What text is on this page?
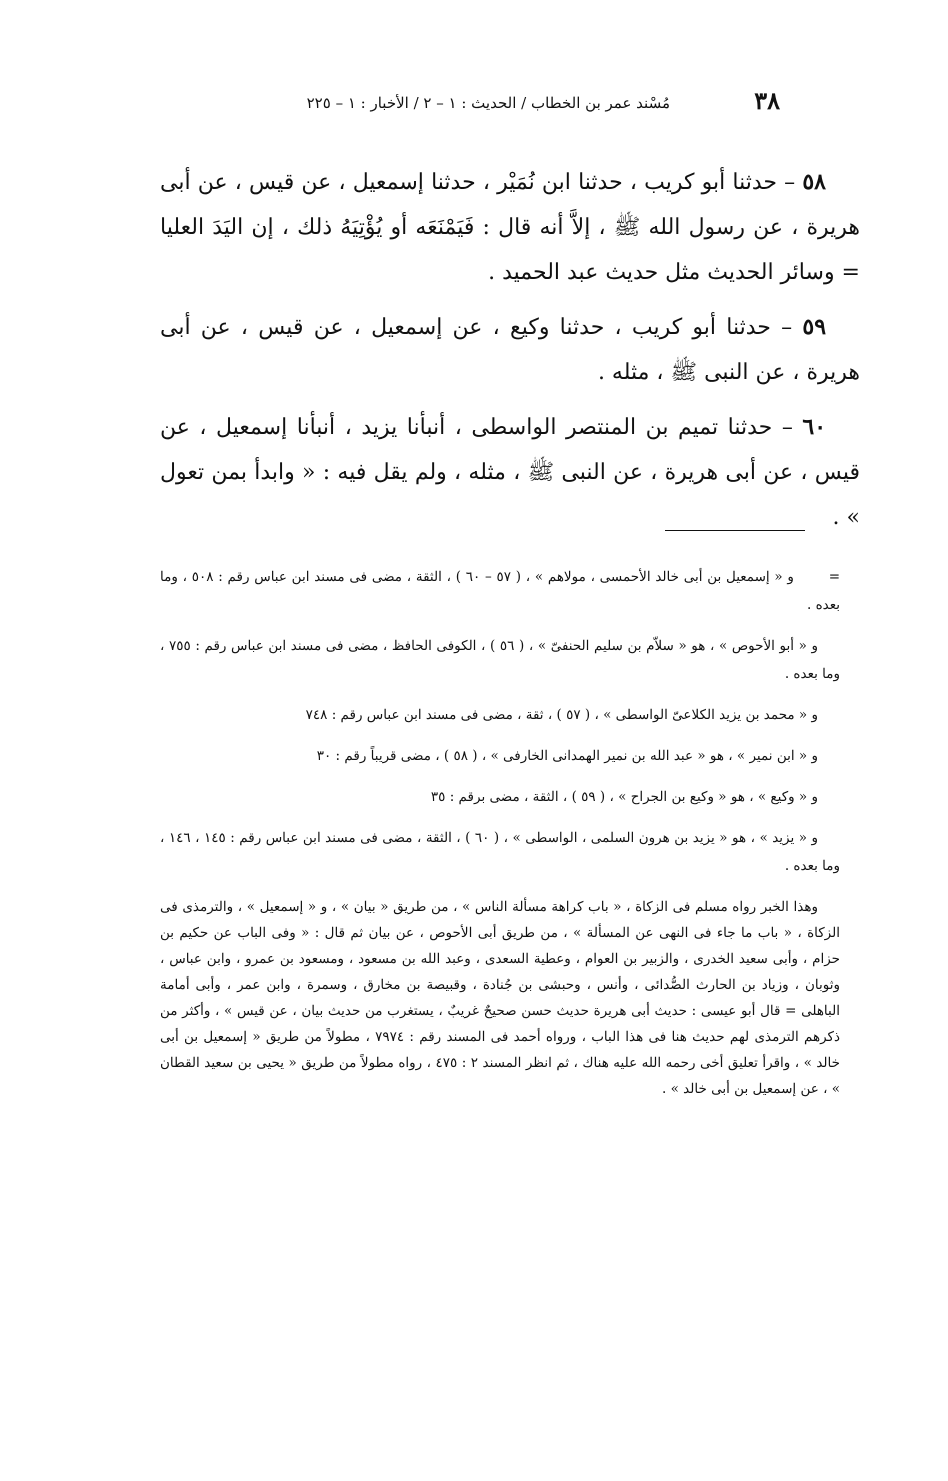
٣٨
مُسْند عمر بن الخطاب / الحديث : ١ – ٢ / الأخبار : ١ – ٢٢٥

٥٨ – حدثنا أبو كريب ، حدثنا ابن نُمَيْر ، حدثنا إسمعيل ، عن قيس ، عن أبى هريرة ، عن رسول الله ﷺ ، إلاَّ أنه قال : فَيَمْنَعَه أو يُؤْتِيَهُ ذلك ، إن اليَدَ العليا = وسائر الحديث مثل حديث عبد الحميد .

٥٩ – حدثنا أبو كريب ، حدثنا وكيع ، عن إسمعيل ، عن قيس ، عن أبى هريرة ، عن النبى ﷺ ، مثله .

٦٠ – حدثنا تميم بن المنتصر الواسطى ، أنبأنا يزيد ، أنبأنا إسمعيل ، عن قيس ، عن أبى هريرة ، عن النبى ﷺ ، مثله ، ولم يقل فيه : « وابدأ بمن تعول » .

= و « إسمعيل بن أبى خالد الأحمسى ، مولاهم » ، ( ٥٧ – ٦٠ ) ، الثقة ، مضى فى مسند ابن عباس رقم : ٥٠٨ ، وما بعده .

و « أبو الأحوص » ، هو « سلاّم بن سليم الحنفىّ » ، ( ٥٦ ) ، الكوفى الحافظ ، مضى فى مسند ابن عباس رقم : ٧٥٥ ، وما بعده .

و « محمد بن يزيد الكلاعىّ الواسطى » ، ( ٥٧ ) ، ثقة ، مضى فى مسند ابن عباس رقم : ٧٤٨

و « ابن نمير » ، هو « عبد الله بن نمير الهمدانى الخارفى » ، ( ٥٨ ) ، مضى قريباً رقم : ٣٠

و « وكيع » ، هو « وكيع بن الجراح » ، ( ٥٩ ) ، الثقة ، مضى برقم : ٣٥

و « يزيد » ، هو « يزيد بن هرون السلمى ، الواسطى » ، ( ٦٠ ) ، الثقة ، مضى فى مسند ابن عباس رقم : ١٤٥ ، ١٤٦ ، وما بعده .

وهذا الخبر رواه مسلم فى الزكاة ، « باب كراهة مسألة الناس » ، من طريق « بيان » ، و « إسمعيل » ، والترمذى فى الزكاة ، « باب ما جاء فى النهى عن المسألة » ، من طريق أبى الأحوص ، عن بيان ثم قال : « وفى الباب عن حكيم بن حزام ، وأبى سعيد الخدرى ، والزبير بن العوام ، وعطية السعدى ، وعبد الله بن مسعود ، ومسعود بن عمرو ، وابن عباس ، وثوبان ، وزياد بن الحارث الصُّدائى ، وأنس ، وحبشى بن جُنادة ، وقبيصة بن مخارق ، وسمرة ، وابن عمر ، وأبى أمامة الباهلى = قال أبو عيسى : حديث أبى هريرة حديث حسن صحيحٌ غريبٌ ، يستغرب من حديث بيان ، عن قيس » ، وأكثر من ذكرهم الترمذى لهم حديث هنا فى هذا الباب ، ورواه أحمد فى المسند رقم : ٧٩٧٤ ، مطولاً من طريق « إسمعيل بن أبى خالد » ، واقرأ تعليق أخى رحمه الله عليه هناك ، ثم انظر المسند ٢ : ٤٧٥ ، رواه مطولاً من طريق « يحيى بن سعيد القطان » ، عن إسمعيل بن أبى خالد » .
